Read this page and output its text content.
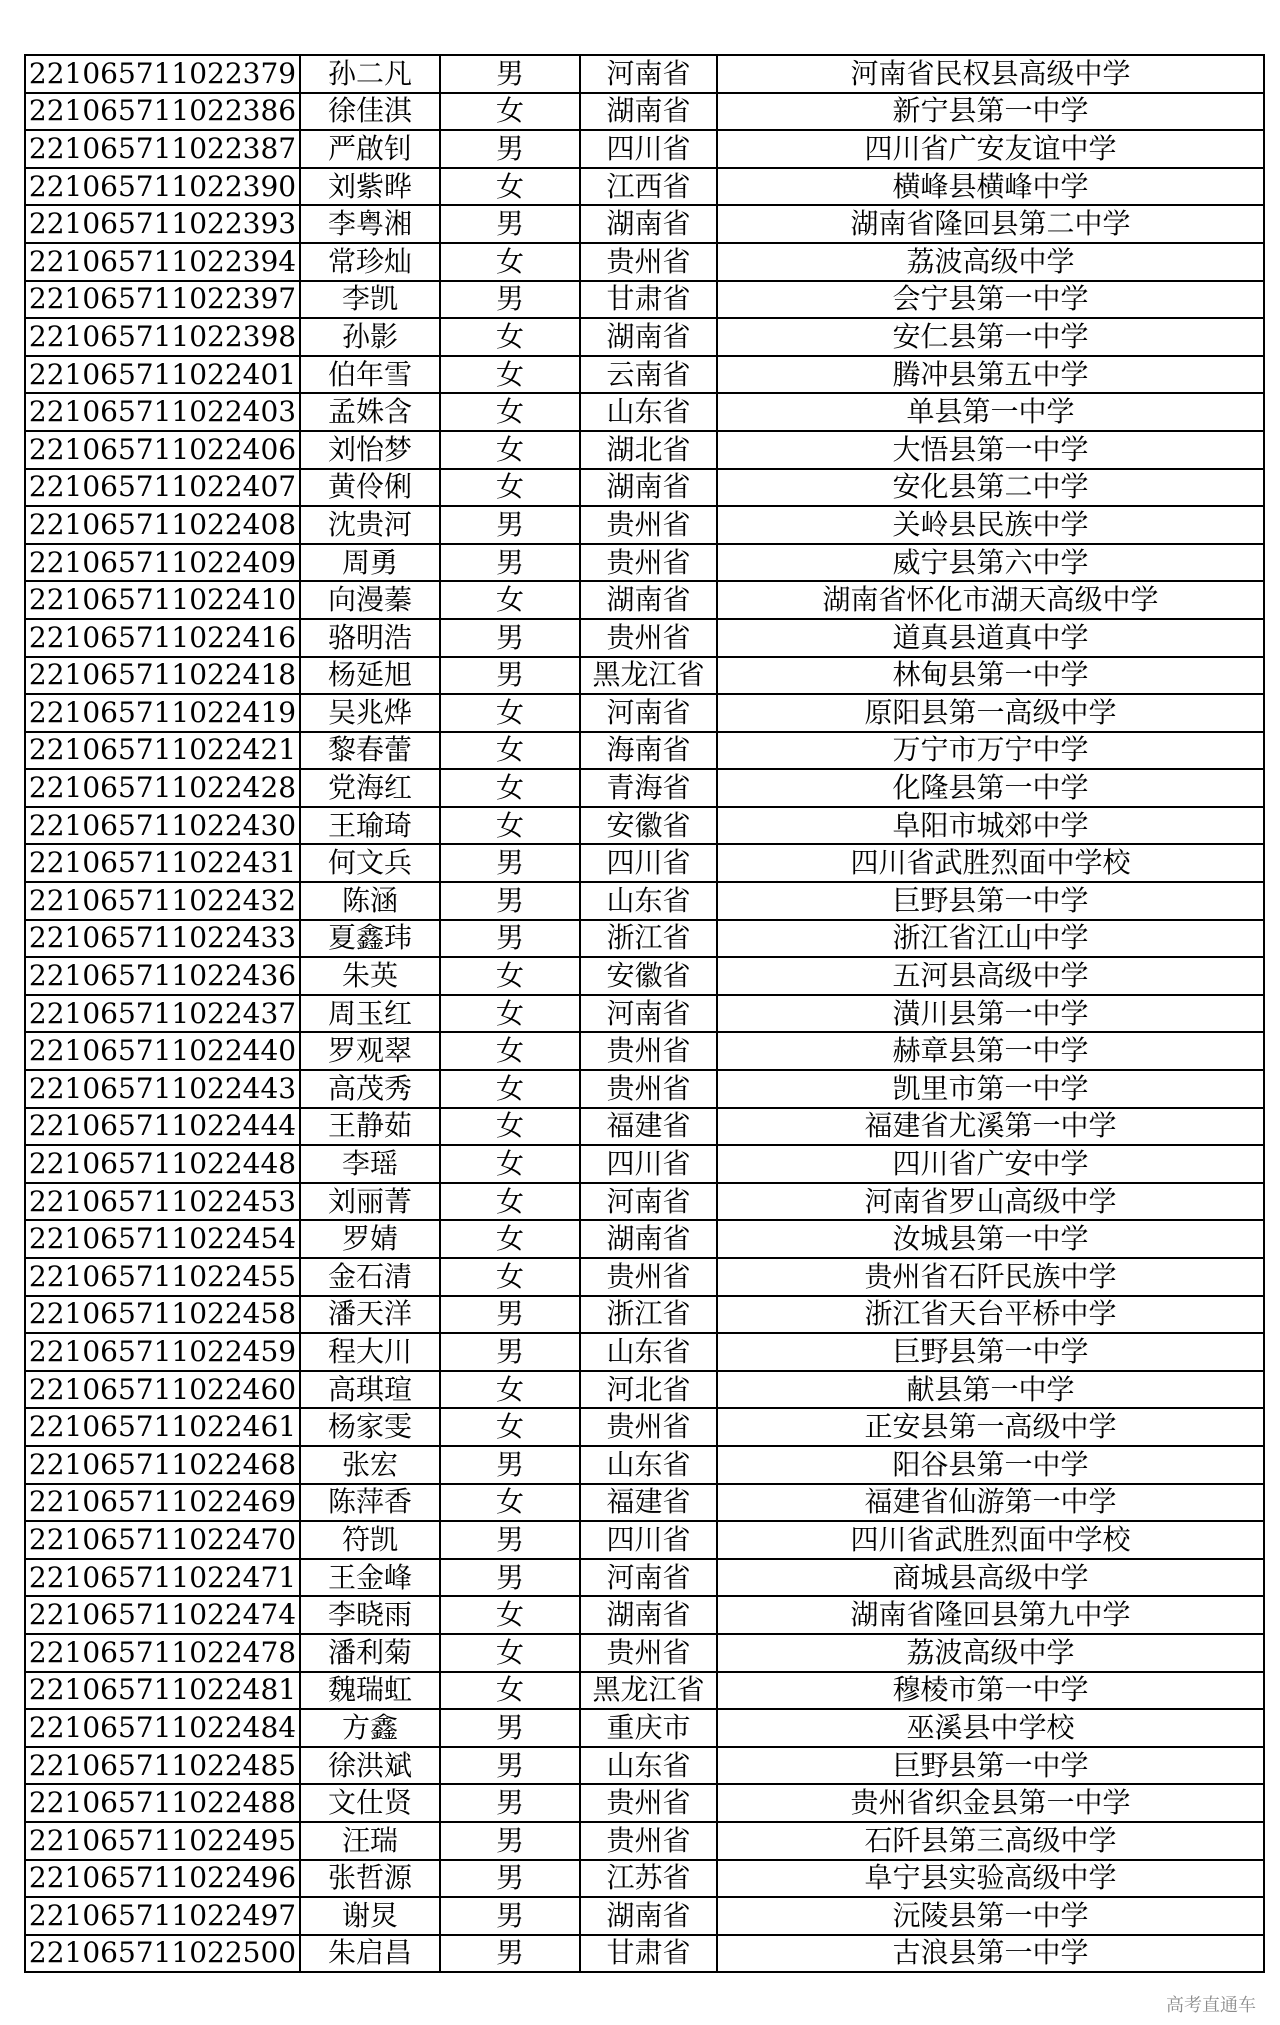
221065711022379	孙二凡	男	河南省	河南省民权县高级中学
221065711022386	徐佳淇	女	湖南省	新宁县第一中学
221065711022387	严啟钊	男	四川省	四川省广安友谊中学
221065711022390	刘紫晔	女	江西省	横峰县横峰中学
221065711022393	李粤湘	男	湖南省	湖南省隆回县第二中学
221065711022394	常珍灿	女	贵州省	荔波高级中学
221065711022397	李凯	男	甘肃省	会宁县第一中学
221065711022398	孙影	女	湖南省	安仁县第一中学
221065711022401	伯年雪	女	云南省	腾冲县第五中学
221065711022403	孟姝含	女	山东省	单县第一中学
221065711022406	刘怡梦	女	湖北省	大悟县第一中学
221065711022407	黄伶俐	女	湖南省	安化县第二中学
221065711022408	沈贵河	男	贵州省	关岭县民族中学
221065711022409	周勇	男	贵州省	威宁县第六中学
221065711022410	向漫蓁	女	湖南省	湖南省怀化市湖天高级中学
221065711022416	骆明浩	男	贵州省	道真县道真中学
221065711022418	杨延旭	男	黑龙江省	林甸县第一中学
221065711022419	吴兆烨	女	河南省	原阳县第一高级中学
221065711022421	黎春蕾	女	海南省	万宁市万宁中学
221065711022428	党海红	女	青海省	化隆县第一中学
221065711022430	王瑜琦	女	安徽省	阜阳市城郊中学
221065711022431	何文兵	男	四川省	四川省武胜烈面中学校
221065711022432	陈涵	男	山东省	巨野县第一中学
221065711022433	夏鑫玮	男	浙江省	浙江省江山中学
221065711022436	朱英	女	安徽省	五河县高级中学
221065711022437	周玉红	女	河南省	潢川县第一中学
221065711022440	罗观翠	女	贵州省	赫章县第一中学
221065711022443	高茂秀	女	贵州省	凯里市第一中学
221065711022444	王静茹	女	福建省	福建省尤溪第一中学
221065711022448	李瑶	女	四川省	四川省广安中学
221065711022453	刘丽菁	女	河南省	河南省罗山高级中学
221065711022454	罗婧	女	湖南省	汝城县第一中学
221065711022455	金石清	女	贵州省	贵州省石阡民族中学
221065711022458	潘天洋	男	浙江省	浙江省天台平桥中学
221065711022459	程大川	男	山东省	巨野县第一中学
221065711022460	高琪瑄	女	河北省	献县第一中学
221065711022461	杨家雯	女	贵州省	正安县第一高级中学
221065711022468	张宏	男	山东省	阳谷县第一中学
221065711022469	陈萍香	女	福建省	福建省仙游第一中学
221065711022470	符凯	男	四川省	四川省武胜烈面中学校
221065711022471	王金峰	男	河南省	商城县高级中学
221065711022474	李晓雨	女	湖南省	湖南省隆回县第九中学
221065711022478	潘利菊	女	贵州省	荔波高级中学
221065711022481	魏瑞虹	女	黑龙江省	穆棱市第一中学
221065711022484	方鑫	男	重庆市	巫溪县中学校
221065711022485	徐洪斌	男	山东省	巨野县第一中学
221065711022488	文仕贤	男	贵州省	贵州省织金县第一中学
221065711022495	汪瑞	男	贵州省	石阡县第三高级中学
221065711022496	张哲源	男	江苏省	阜宁县实验高级中学
221065711022497	谢炅	男	湖南省	沅陵县第一中学
221065711022500	朱启昌	男	甘肃省	古浪县第一中学
高考直通车
